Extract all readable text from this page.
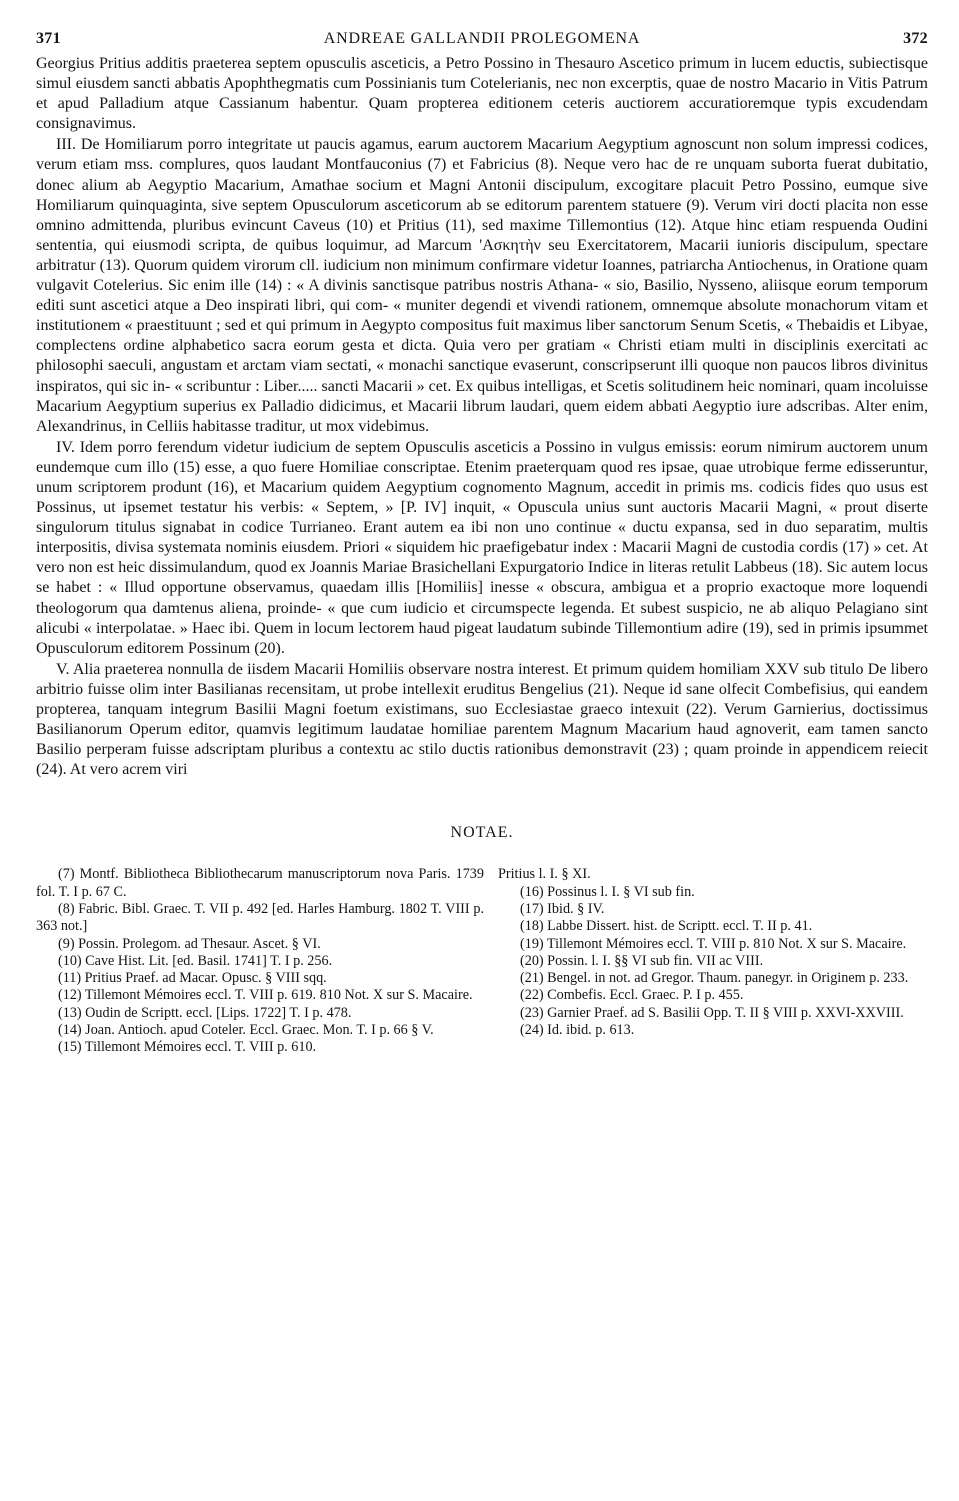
371	ANDREAE GALLANDII PROLEGOMENA	372

Georgius Pritius additis praeterea septem opusculis asceticis, a Petro Possino in Thesauro Ascetico primum in lucem eductis, subiectisque simul eiusdem sancti abbatis Apophthegmatis cum Possinianis tum Cotelerianis, nec non excerptis, quae de nostro Macario in Vitis Patrum et apud Palladium atque Cassianum habentur. Quam propterea editionem ceteris auctiorem accuratioremque typis excudendam consignavimus.

III. De Homiliarum porro integritate ut paucis agamus, earum auctorem Macarium Aegyptium agnoscunt non solum impressi codices, verum etiam mss. complures, quos laudant Montfauconius (7) et Fabricius (8). Neque vero hac de re unquam suborta fuerat dubitatio, donec alium ab Aegyptio Macarium, Amathae socium et Magni Antonii discipulum, excogitare placuit Petro Possino, eumque sive Homiliarum quinquaginta, sive septem Opusculorum asceticorum ab se editorum parentem statuere (9). Verum viri docti placita non esse omnino admittenda, pluribus evincunt Caveus (10) et Pritius (11), sed maxime Tillemontius (12). Atque hinc etiam respuenda Oudini sententia, qui eiusmodi scripta, de quibus loquimur, ad Marcum 'Ασκητὴν seu Exercitatorem, Macarii iunioris discipulum, spectare arbitratur (13). Quorum quidem virorum cll. iudicium non minimum confirmare videtur Ioannes, patriarcha Antiochenus, in Oratione quam vulgavit Cotelerius. Sic enim ille (14) : « A divinis sanctisque patribus nostris Athana- « sio, Basilio, Nysseno, aliisque eorum temporum editi sunt ascetici atque a Deo inspirati libri, qui com- « muniter degendi et vivendi rationem, omnemque absolute monachorum vitam et institutionem « praestituunt ; sed et qui primum in Aegypto compositus fuit maximus liber sanctorum Senum Scetis, « Thebaidis et Libyae, complectens ordine alphabetico sacra eorum gesta et dicta. Quia vero per gratiam « Christi etiam multi in disciplinis exercitati ac philosophi saeculi, angustam et arctam viam sectati, « monachi sanctique evaserunt, conscripserunt illi quoque non paucos libros divinitus inspiratos, qui sic in- « scribuntur : Liber..... sancti Macarii » cet. Ex quibus intelligas, et Scetis solitudinem heic nominari, quam incoluisse Macarium Aegyptium superius ex Palladio didicimus, et Macarii librum laudari, quem eidem abbati Aegyptio iure adscribas. Alter enim, Alexandrinus, in Celliis habitasse traditur, ut mox videbimus.

IV. Idem porro ferendum videtur iudicium de septem Opusculis asceticis a Possino in vulgus emissis: eorum nimirum auctorem unum eundemque cum illo (15) esse, a quo fuere Homiliae conscriptae. Etenim praeterquam quod res ipsae, quae utrobique ferme edisseruntur, unum scriptorem produnt (16), et Macarium quidem Aegyptium cognomento Magnum, accedit in primis ms. codicis fides quo usus est Possinus, ut ipsemet testatur his verbis: « Septem, » [P. IV] inquit, « Opuscula unius sunt auctoris Macarii Magni, « prout diserte singulorum titulus signabat in codice Turrianeo. Erant autem ea ibi non uno continue « ductu expansa, sed in duo separatim, multis interpositis, divisa systemata nominis eiusdem. Priori « siquidem hic praefigebatur index : Macarii Magni de custodia cordis (17) » cet. At vero non est heic dissimulandum, quod ex Joannis Mariae Brasichellani Expurgatorio Indice in literas retulit Labbeus (18). Sic autem locus se habet : « Illud opportune observamus, quaedam illis [Homiliis] inesse « obscura, ambigua et a proprio exactoque more loquendi theologorum qua damtenus aliena, proinde- « que cum iudicio et circumspecte legenda. Et subest suspicio, ne ab aliquo Pelagiano sint alicubi « interpolatae. » Haec ibi. Quem in locum lectorem haud pigeat laudatum subinde Tillemontium adire (19), sed in primis ipsummet Opusculorum editorem Possinum (20).

V. Alia praeterea nonnulla de iisdem Macarii Homiliis observare nostra interest. Et primum quidem homiliam XXV sub titulo De libero arbitrio fuisse olim inter Basilianas recensitam, ut probe intellexit eruditus Bengelius (21). Neque id sane olfecit Combefisius, qui eandem propterea, tanquam integrum Basilii Magni foetum existimans, suo Ecclesiastae graeco intexuit (22). Verum Garnierius, doctissimus Basilianorum Operum editor, quamvis legitimum laudatae homiliae parentem Magnum Macarium haud agnoverit, eam tamen sancto Basilio perperam fuisse adscriptam pluribus a contextu ac stilo ductis rationibus demonstravit (23) ; quam proinde in appendicem reiecit (24). At vero acrem viri

NOTAE.

(7) Montf. Bibliotheca Bibliothecarum manuscriptorum nova Paris. 1739 fol. T. I p. 67 C.

(8) Fabric. Bibl. Graec. T. VII p. 492 [ed. Harles Hamburg. 1802 T. VIII p. 363 not.]

(9) Possin. Prolegom. ad Thesaur. Ascet. § VI.

(10) Cave Hist. Lit. [ed. Basil. 1741] T. I p. 256.

(11) Pritius Praef. ad Macar. Opusc. § VIII sqq.

(12) Tillemont Mémoires eccl. T. VIII p. 619. 810 Not. X sur S. Macaire.

(13) Oudin de Scriptt. eccl. [Lips. 1722] T. I p. 478.

(14) Joan. Antioch. apud Coteler. Eccl. Graec. Mon. T. I p. 66 § V.

(15) Tillemont Mémoires eccl. T. VIII p. 610.

Pritius l. I. § XI.

(16) Possinus l. I. § VI sub fin.

(17) Ibid. § IV.

(18) Labbe Dissert. hist. de Scriptt. eccl. T. II p. 41.

(19) Tillemont Mémoires eccl. T. VIII p. 810 Not. X sur S. Macaire.

(20) Possin. l. I. §§ VI sub fin. VII ac VIII.

(21) Bengel. in not. ad Gregor. Thaum. panegyr. in Originem p. 233.

(22) Combefis. Eccl. Graec. P. I p. 455.

(23) Garnier Praef. ad S. Basilii Opp. T. II § VIII p. XXVI-XXVIII.

(24) Id. ibid. p. 613.
